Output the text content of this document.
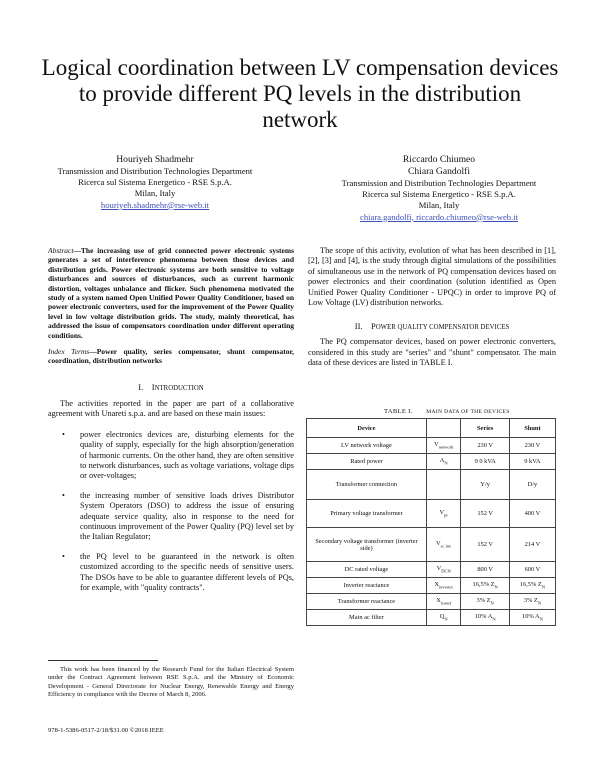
Logical coordination between LV compensation devices to provide different PQ levels in the distribution network
Houriyeh Shadmehr
Transmission and Distribution Technologies Department
Ricerca sul Sistema Energetico - RSE S.p.A.
Milan, Italy
houriyeh.shadmehr@rse-web.it
Riccardo Chiumeo
Chiara Gandolfi
Transmission and Distribution Technologies Department
Ricerca sul Sistema Energetico - RSE S.p.A.
Milan, Italy
chiara.gandolfi, riccardo.chiumeo@rse-web.it
Abstract—The increasing use of grid connected power electronic systems generates a set of interference phenomena between those devices and distribution grids. Power electronic systems are both sensitive to voltage disturbances and sources of disturbances, such as current harmonic distortion, voltages unbalance and flicker. Such phenomena motivated the study of a system named Open Unified Power Quality Conditioner, based on power electronic converters, used for the improvement of the Power Quality level in low voltage distribution grids. The study, mainly theoretical, has addressed the issue of compensators coordination under different operating conditions.
Index Terms—Power quality, series compensator, shunt compensator, coordination, distribution networks
I. INTRODUCTION
The activities reported in the paper are part of a collaborative agreement with Unareti s.p.a. and are based on these main issues:
• power electronics devices are, disturbing elements for the quality of supply, especially for the high absorption/generation of harmonic currents. On the other hand, they are often sensitive to network disturbances, such as voltage variations, voltage dips or over-voltages;
• the increasing number of sensitive loads drives Distributor System Operators (DSO) to address the issue of ensuring adequate service quality, also in response to the need for continuous improvement of the Power Quality (PQ) level set by the Italian Regulator;
• the PQ level to be guaranteed in the network is often customized according to the specific needs of sensitive users. The DSOs have to be able to guarantee different levels of PQs, for example, with "quality contracts".
This work has been financed by the Research Fund for the Italian Electrical System under the Contract Agreement between RSE S.p.A. and the Ministry of Economic Development - General Directorate for Nuclear Energy, Renewable Energy and Energy Efficiency in compliance with the Decree of March 8, 2006.
978-1-5386-0517-2/18/$31.00 ©2018 IEEE
The scope of this activity, evolution of what has been described in [1], [2], [3] and [4], is the study through digital simulations of the possibilities of simultaneous use in the network of PQ compensation devices based on power electronics and their coordination (solution identified as Open Unified Power Quality Conditioner - UPQC) in order to improve PQ of Low Voltage (LV) distribution networks.
II. POWER QUALITY COMPENSATOR DEVICES
The PQ compensator devices, based on power electronic converters, considered in this study are "series" and "shunt" compensator. The main data of these devices are listed in TABLE I.
TABLE I. MAIN DATA OF THE DEVICES
Device		Series	Shunt
LV network voltage	$V_{network}$	230 V	230 V
Rated power	$A_N$	9 0 kVA	9 kVA
Transformer connection		Y/y	D/y
Primary voltage transformer	$V_{pr}$	152 V	400 V
Secondary voltage transformer (inverter side)	$V_{sc inv}$	152 V	214 V
DC rated voltage	$V_{DCN}$	800 V	600 V
Inverter reactance	$X_{inverter}$	16,5% $Z_N$	16,5% $Z_N$
Transformer reactance	$X_{transf}$	3% $Z_N$	3% $Z_N$
Main ac filter	$Q_N$	10% $A_N$	10% $A_N$
